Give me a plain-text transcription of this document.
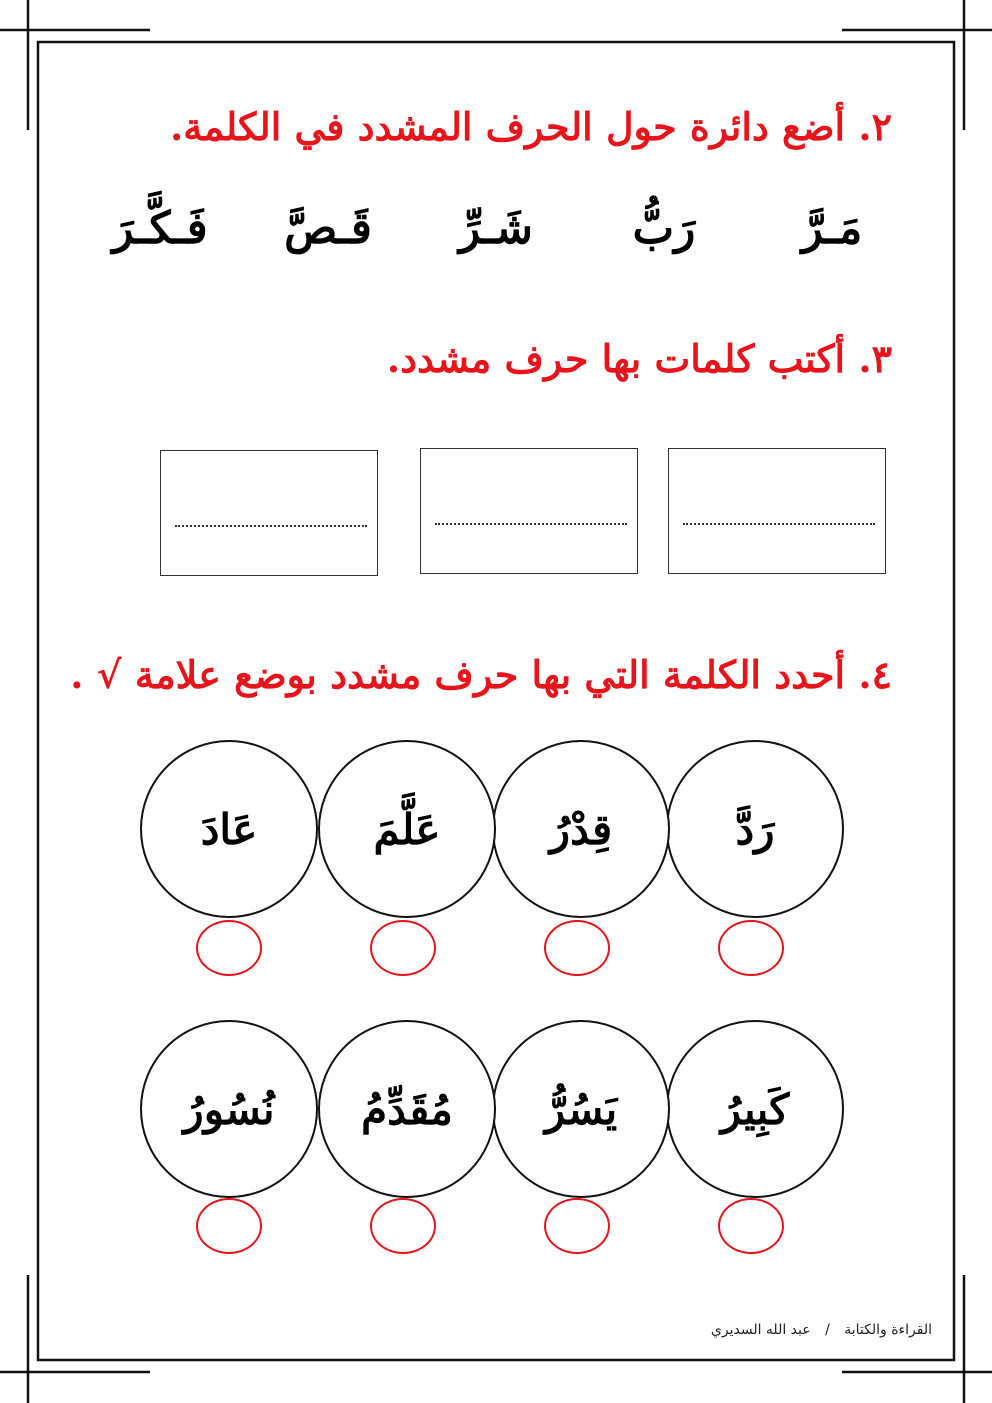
٢. أضع دائرة حول الحرف المشدد في الكلمة.
مَـرَّ
رَبُّ
شَـرِّ
قَـصَّ
فَـكَّـرَ
٣. أكتب كلمات بها حرف مشدد.
٤. أحدد الكلمة التي بها حرف مشدد بوضع علامة √ .
رَدَّ
قِدْرُ
عَلَّمَ
عَادَ
كَبِيرُ
يَسُرُّ
مُقَدِّمُ
نُسُورُ
القراءة والكتابة / عبد الله السديري
